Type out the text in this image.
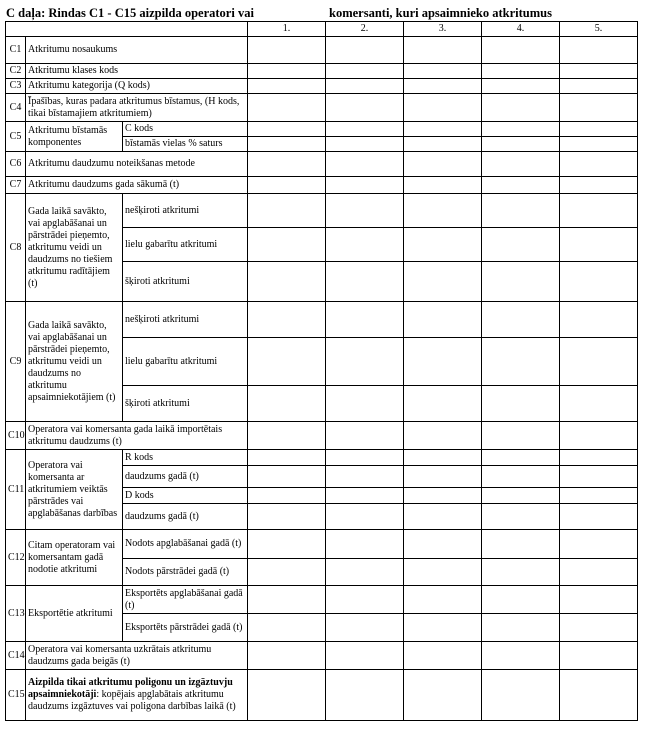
C daļa: Rindas C1 - C15 aizpilda operatori vai	komersanti, kuri apsaimnieko atkritumus
			1.	2.	3.	4.	5.
C1	Atkritumu nosaukums						
C2	Atkritumu klases kods						
C3	Atkritumu kategorija (Q kods)						
C4	Īpašības, kuras padara atkritumus bīstamus, (H kods, tikai bīstamajiem atkritumiem)						
C5	Atkritumu bīstamās komponentes	C kods					
		bīstamās vielas % saturs					
C6	Atkritumu daudzumu noteikšanas metode						
C7	Atkritumu daudzums gada sākumā (t)						
C8	Gada laikā savākto, vai apglabāšanai un pārstrādei pieņemto, atkritumu veidi un daudzums no tiešiem atkritumu radītājiem (t)	nešķiroti atkritumi					
		lielu gabarītu atkritumi					
		šķiroti atkritumi					
C9	Gada laikā savākto, vai apglabāšanai un pārstrādei pieņemto, atkritumu veidi un daudzums no atkritumu apsaimniekotājiem (t)	nešķiroti atkritumi					
		lielu gabarītu atkritumi					
		šķiroti atkritumi					
C10	Operatora vai komersanta gada laikā importētais atkritumu daudzums (t)						
C11	Operatora vai komersanta ar atkritumiem veiktās pārstrādes vai apglabāšanas darbības	R kods					
		daudzums gadā (t)					
		D kods					
		daudzums gadā (t)					
C12	Citam operatoram vai komersantam gadā nodotie atkritumi	Nodots apglabāšanai gadā (t)					
		Nodots pārstrādei gadā (t)					
C13	Eksportētie atkritumi	Eksportēts apglabāšanai gadā (t)					
		Eksportēts pārstrādei gadā (t)					
C14	Operatora vai komersanta uzkrātais atkritumu daudzums gada beigās (t)						
C15	Aizpilda tikai atkritumu poligonu un izgāztuvju apsaimniekotāji: kopējais apglabātais atkritumu daudzums izgāztuves vai poligona darbības laikā (t)						
